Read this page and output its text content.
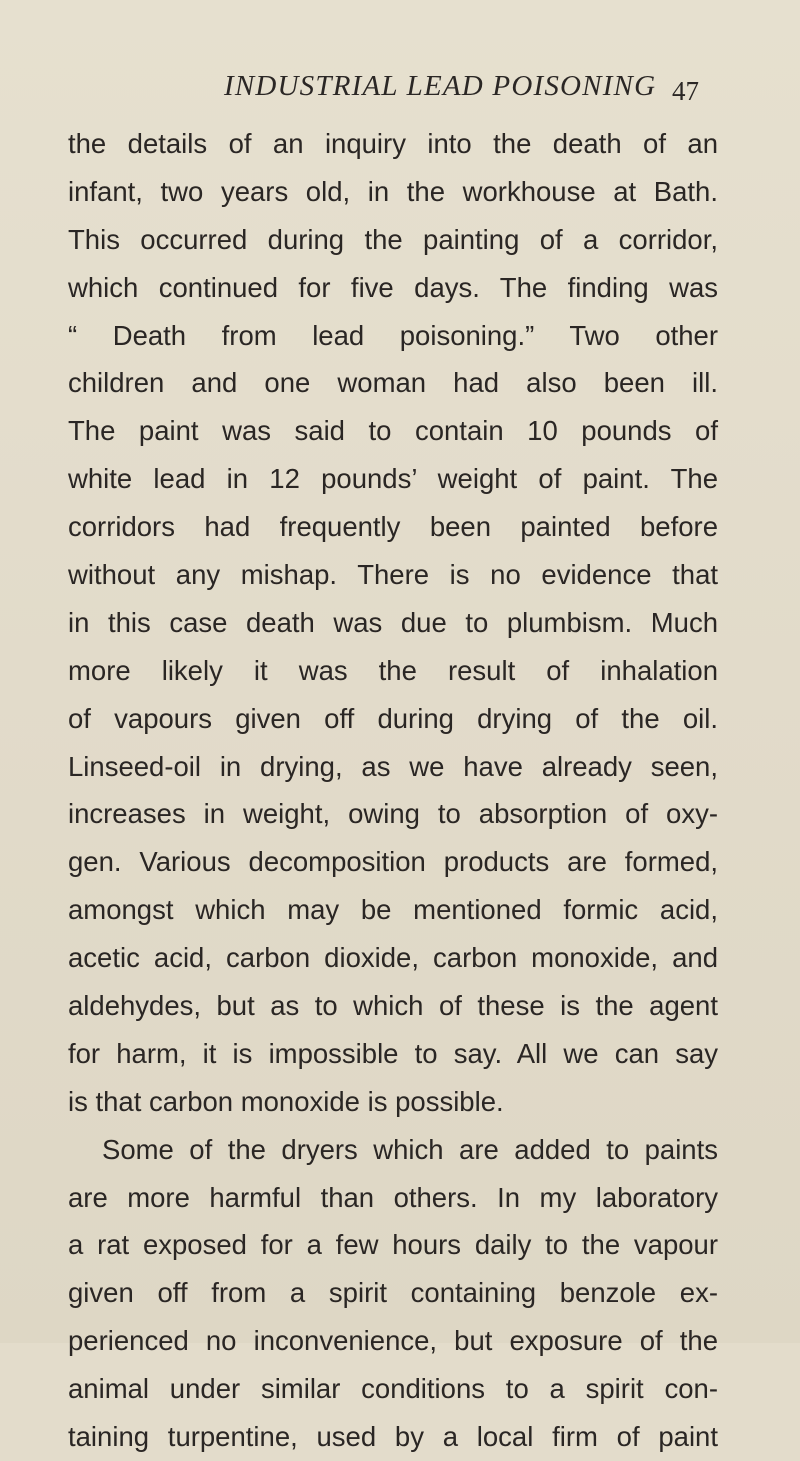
INDUSTRIAL LEAD POISONING 47
the details of an inquiry into the death of an
infant, two years old, in the workhouse at Bath.
This occurred during the painting of a corridor,
which continued for five days. The finding was
“ Death from lead poisoning.” Two other
children and one woman had also been ill.
The paint was said to contain 10 pounds of
white lead in 12 pounds’ weight of paint. The
corridors had frequently been painted before
without any mishap. There is no evidence that
in this case death was due to plumbism. Much
more likely it was the result of inhalation
of vapours given off during drying of the oil.
Linseed-oil in drying, as we have already seen,
increases in weight, owing to absorption of oxy-
gen. Various decomposition products are formed,
amongst which may be mentioned formic acid,
acetic acid, carbon dioxide, carbon monoxide, and
aldehydes, but as to which of these is the agent
for harm, it is impossible to say. All we can say
is that carbon monoxide is possible.
Some of the dryers which are added to paints
are more harmful than others. In my laboratory
a rat exposed for a few hours daily to the vapour
given off from a spirit containing benzole ex-
perienced no inconvenience, but exposure of the
animal under similar conditions to a spirit con-
taining turpentine, used by a local firm of paint
